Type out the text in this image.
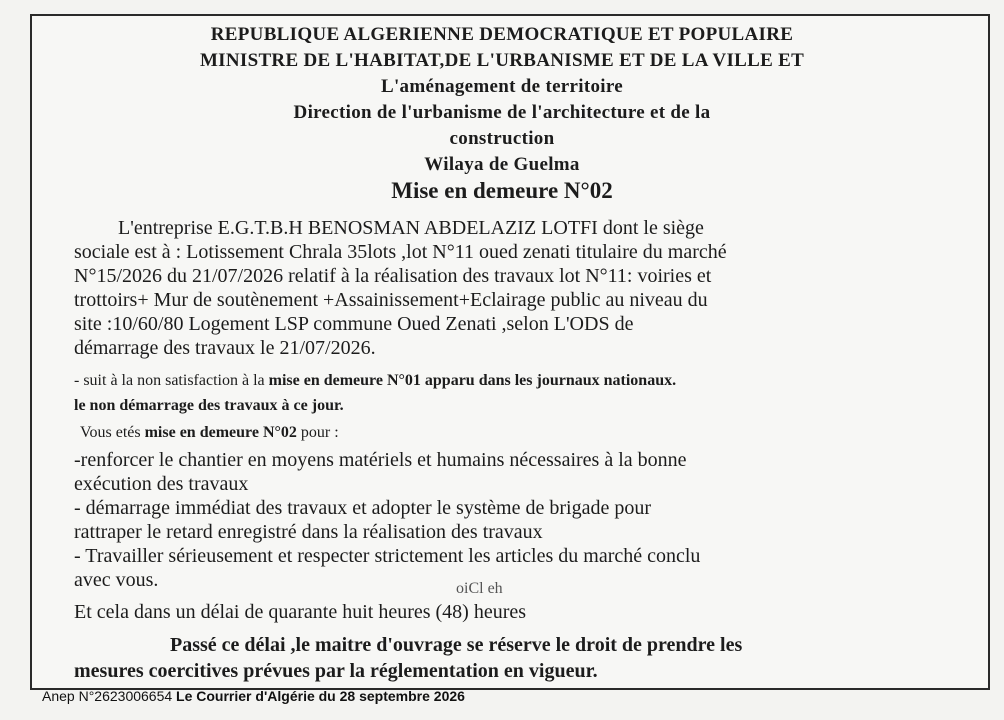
REPUBLIQUE ALGERIENNE DEMOCRATIQUE ET POPULAIRE

MINISTRE DE L'HABITAT,DE L'URBANISME ET DE LA VILLE ET

L'aménagement de territoire

Direction de l'urbanisme de l'architecture et de la

construction

Wilaya de Guelma

Mise en demeure N°02
L'entreprise E.G.T.B.H BENOSMAN ABDELAZIZ LOTFI dont le siège
sociale est à : Lotissement Chrala 35lots ,lot N°11 oued zenati titulaire du marché
N°15/2026 du 21/07/2026 relatif à la réalisation des travaux lot N°11: voiries et
trottoirs+ Mur de soutènement +Assainissement+Eclairage public au niveau du
site :10/60/80 Logement LSP commune Oued Zenati ,selon L'ODS de
démarrage des travaux le 21/07/2026.
- suit à la non satisfaction à la mise en demeure N°01 apparu dans les journaux nationaux.
le non démarrage des travaux à ce jour.
Vous etés mise en demeure N°02 pour :
-renforcer le chantier en moyens matériels et humains nécessaires à la bonne
exécution des travaux
- démarrage immédiat des travaux et adopter le système de brigade pour
rattraper le retard enregistré dans la réalisation des travaux
- Travailler sérieusement et respecter strictement les articles du marché conclu
avec vous.	oiCl eh
Et cela dans un délai de quarante huit heures (48) heures
Passé ce délai ,le maitre d'ouvrage se réserve le droit de prendre les
mesures coercitives prévues par la réglementation en vigueur.
Anep N°2623006654 Le Courrier d'Algérie du 28 septembre 2026
